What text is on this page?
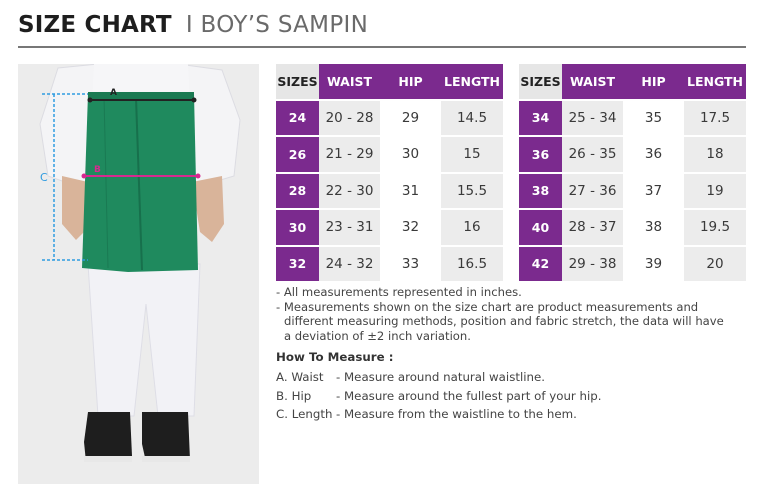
SIZE CHART I BOY’S SAMPIN
A
B
C
SIZES	WAIST	HIP	LENGTH
24	20 - 28	29	14.5
26	21 - 29	30	15
28	22 - 30	31	15.5
30	23 - 31	32	16
32	24 - 32	33	16.5
SIZES	WAIST	HIP	LENGTH
34	25 - 34	35	17.5
36	26 - 35	36	18
38	27 - 36	37	19
40	28 - 37	38	19.5
42	29 - 38	39	20

- All measurements represented in inches.

- Measurements shown on the size chart are product measurements and

different measuring methods, position and fabric stretch, the data will have

a deviation of ±2 inch variation.

How To Measure :
A. Waist - Measure around natural waistline.
B. Hip - Measure around the fullest part of your hip.
C. Length - Measure from the waistline to the hem.
